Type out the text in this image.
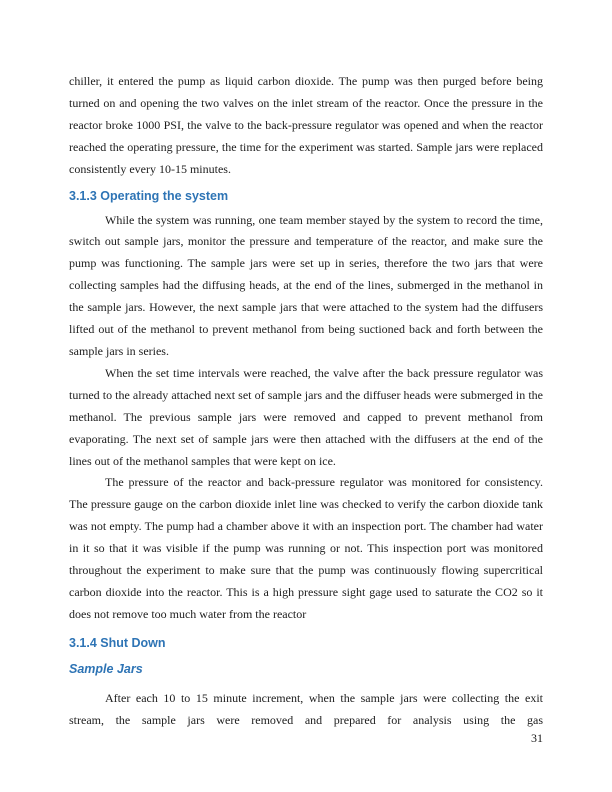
chiller, it entered the pump as liquid carbon dioxide. The pump was then purged before being turned on and opening the two valves on the inlet stream of the reactor. Once the pressure in the reactor broke 1000 PSI, the valve to the back-pressure regulator was opened and when the reactor reached the operating pressure, the time for the experiment was started. Sample jars were replaced consistently every 10-15 minutes.

3.1.3 Operating the system

While the system was running, one team member stayed by the system to record the time, switch out sample jars, monitor the pressure and temperature of the reactor, and make sure the pump was functioning. The sample jars were set up in series, therefore the two jars that were collecting samples had the diffusing heads, at the end of the lines, submerged in the methanol in the sample jars. However, the next sample jars that were attached to the system had the diffusers lifted out of the methanol to prevent methanol from being suctioned back and forth between the sample jars in series.

When the set time intervals were reached, the valve after the back pressure regulator was turned to the already attached next set of sample jars and the diffuser heads were submerged in the methanol. The previous sample jars were removed and capped to prevent methanol from evaporating. The next set of sample jars were then attached with the diffusers at the end of the lines out of the methanol samples that were kept on ice.

The pressure of the reactor and back-pressure regulator was monitored for consistency. The pressure gauge on the carbon dioxide inlet line was checked to verify the carbon dioxide tank was not empty. The pump had a chamber above it with an inspection port. The chamber had water in it so that it was visible if the pump was running or not. This inspection port was monitored throughout the experiment to make sure that the pump was continuously flowing supercritical carbon dioxide into the reactor. This is a high pressure sight gage used to saturate the CO2 so it does not remove too much water from the reactor

3.1.4 Shut Down
Sample Jars

After each 10 to 15 minute increment, when the sample jars were collecting the exit stream, the sample jars were removed and prepared for analysis using the gas

31
